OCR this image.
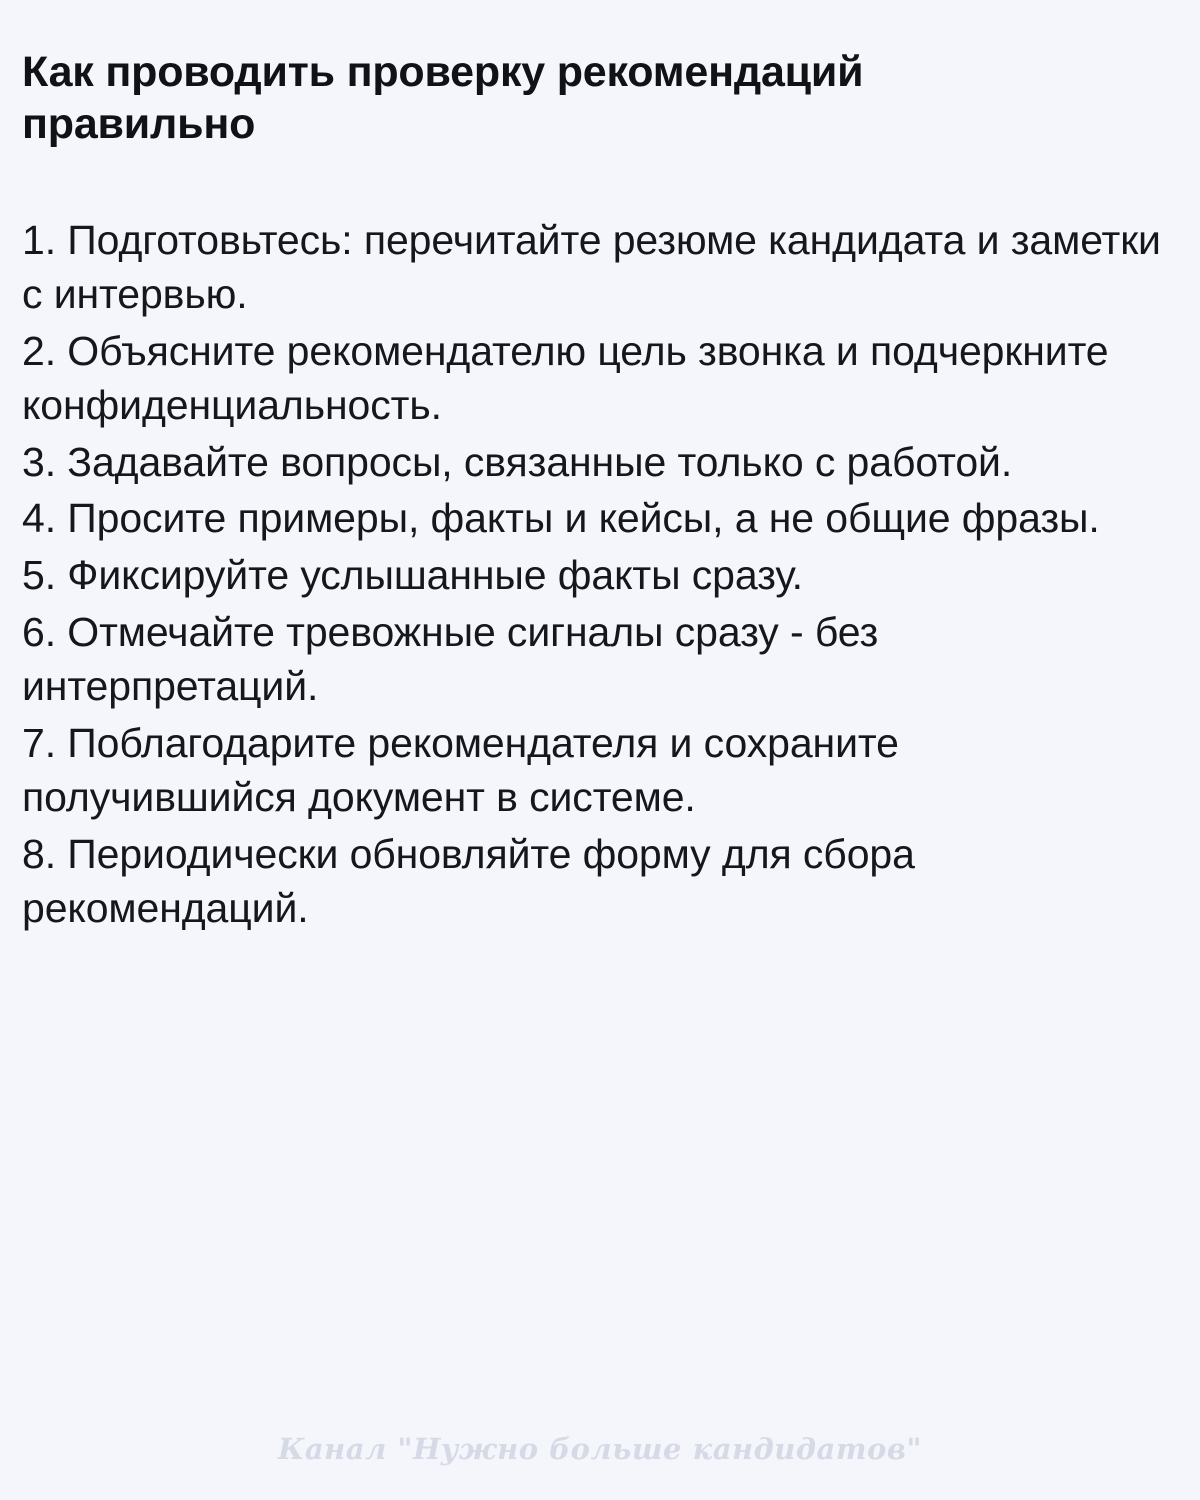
Как проводить проверку рекомендаций правильно
1. Подготовьтесь: перечитайте резюме кандидата и заметки с интервью.
2. Объясните рекомендателю цель звонка и подчеркните конфиденциальность.
3. Задавайте вопросы, связанные только с работой.
4. Просите примеры, факты и кейсы, а не общие фразы.
5. Фиксируйте услышанные факты сразу.
6. Отмечайте тревожные сигналы сразу - без интерпретаций.
7. Поблагодарите рекомендателя и сохраните получившийся документ в системе.
8. Периодически обновляйте форму для сбора рекомендаций.
Канал "Нужно больше кандидатов"
